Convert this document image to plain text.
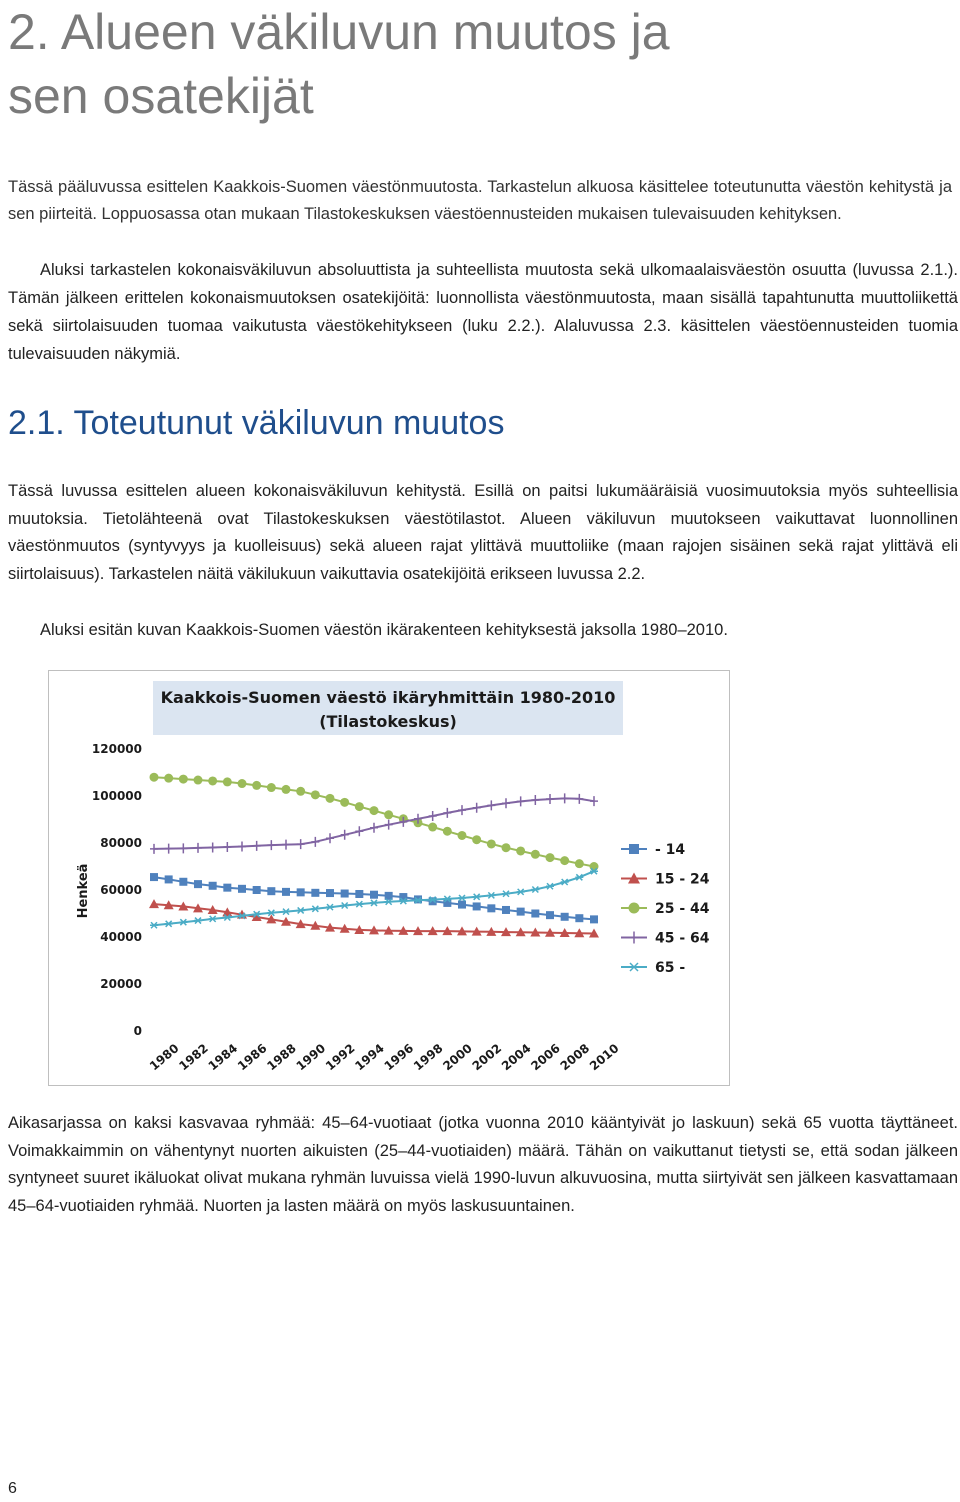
2. Alueen väkiluvun muutos ja
sen osatekijät

Tässä pääluvussa esittelen Kaakkois-Suomen väestönmuutosta. Tarkastelun alkuosa käsittelee toteutunutta väestön kehitystä ja sen piirteitä. Loppuosassa otan mukaan Tilastokeskuksen väestöennusteiden mukaisen tulevaisuuden kehityksen.

Aluksi tarkastelen kokonaisväkiluvun absoluuttista ja suhteellista muutosta sekä ulkomaalaisväestön osuutta (luvussa 2.1.). Tämän jälkeen erittelen kokonaismuutoksen osatekijöitä: luonnollista väestönmuutosta, maan sisällä tapahtunutta muuttoliikettä sekä siirtolaisuuden tuomaa vaikutusta väestökehitykseen (luku 2.2.). Alaluvussa 2.3. käsittelen väestöennusteiden tuomia tulevaisuuden näkymiä.

2.1. Toteutunut väkiluvun muutos

Tässä luvussa esittelen alueen kokonaisväkiluvun kehitystä. Esillä on paitsi lukumääräisiä vuosimuutoksia myös suhteellisia muutoksia. Tietolähteenä ovat Tilastokeskuksen väestötilastot. Alueen väkiluvun muutokseen vaikuttavat luonnollinen väestönmuutos (syntyvyys ja kuolleisuus) sekä alueen rajat ylittävä muuttoliike (maan rajojen sisäinen sekä rajat ylittävä eli siirtolaisuus). Tarkastelen näitä väkilukuun vaikuttavia osatekijöitä erikseen luvussa 2.2.

Aluksi esitän kuvan Kaakkois-Suomen väestön ikärakenteen kehityksestä jaksolla 1980–2010.

Kaakkois-Suomen väestö ikäryhmittäin 1980-2010
(Tilastokeskus)
Henkeä
0
20000
40000
60000
80000
100000
120000
1980
1982
1984
1986
1988
1990
1992
1994
1996
1998
2000
2002
2004
2006
2008
2010
- 14
15 - 24
25 - 44
45 - 64
65 -

Aikasarjassa on kaksi kasvavaa ryhmää: 45–64-vuotiaat (jotka vuonna 2010 kääntyivät jo laskuun) sekä 65 vuotta täyttäneet. Voimakkaimmin on vähentynyt nuorten aikuisten (25–44-vuotiaiden) määrä. Tähän on vaikuttanut tietysti se, että sodan jälkeen syntyneet suuret ikäluokat olivat mukana ryhmän luvuissa vielä 1990-luvun alkuvuosina, mutta siirtyivät sen jälkeen kasvattamaan 45–64-vuotiaiden ryhmää. Nuorten ja lasten määrä on myös laskusuuntainen.

6
